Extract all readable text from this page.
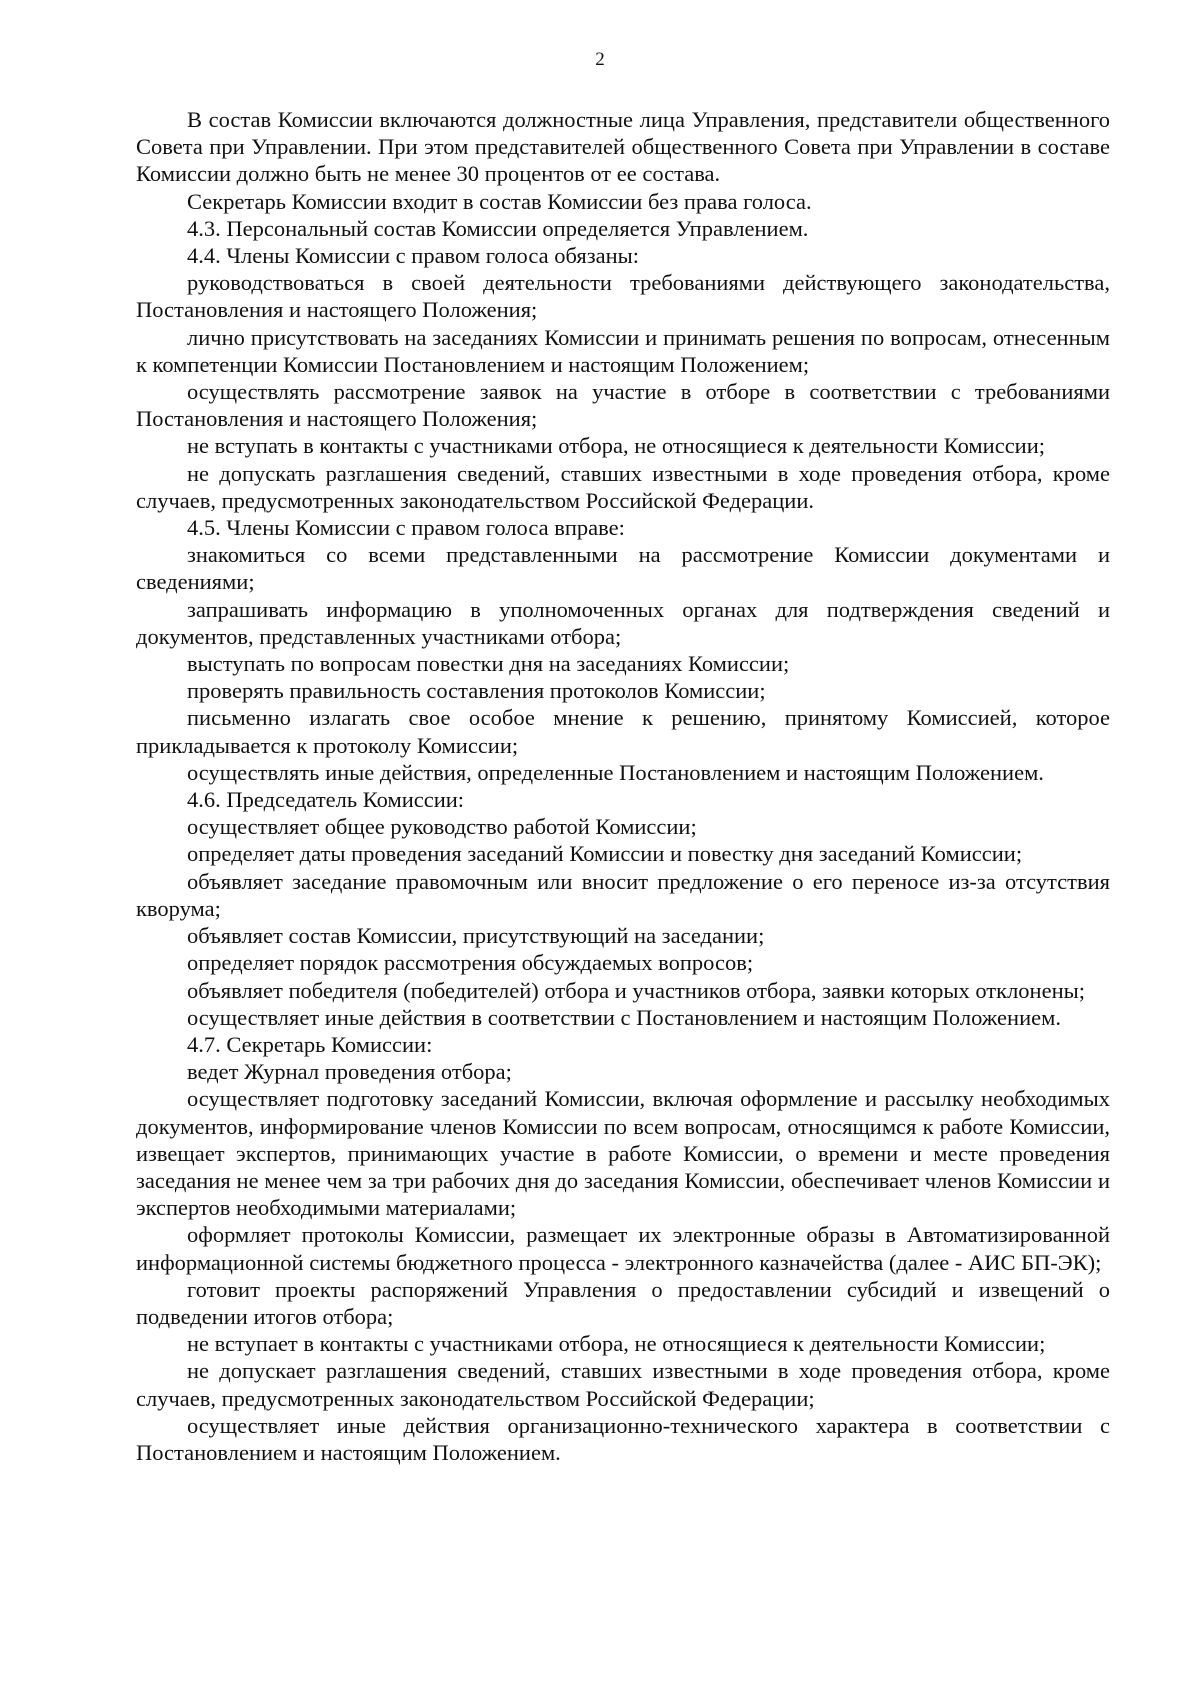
2

В состав Комиссии включаются должностные лица Управления, представители общественного Совета при Управлении. При этом представителей общественного Совета при Управлении в составе Комиссии должно быть не менее 30 процентов от ее состава.

Секретарь Комиссии входит в состав Комиссии без права голоса.

4.3. Персональный состав Комиссии определяется Управлением.

4.4. Члены Комиссии с правом голоса обязаны:

руководствоваться в своей деятельности требованиями действующего законодательства, Постановления и настоящего Положения;

лично присутствовать на заседаниях Комиссии и принимать решения по вопросам, отнесенным к компетенции Комиссии Постановлением и настоящим Положением;

осуществлять рассмотрение заявок на участие в отборе в соответствии с требованиями Постановления и настоящего Положения;

не вступать в контакты с участниками отбора, не относящиеся к деятельности Комиссии;

не допускать разглашения сведений, ставших известными в ходе проведения отбора, кроме случаев, предусмотренных законодательством Российской Федерации.

4.5. Члены Комиссии с правом голоса вправе:

знакомиться со всеми представленными на рассмотрение Комиссии документами и сведениями;

запрашивать информацию в уполномоченных органах для подтверждения сведений и документов, представленных участниками отбора;

выступать по вопросам повестки дня на заседаниях Комиссии;

проверять правильность составления протоколов Комиссии;

письменно излагать свое особое мнение к решению, принятому Комиссией, которое прикладывается к протоколу Комиссии;

осуществлять иные действия, определенные Постановлением и настоящим Положением.

4.6. Председатель Комиссии:

осуществляет общее руководство работой Комиссии;

определяет даты проведения заседаний Комиссии и повестку дня заседаний Комиссии;

объявляет заседание правомочным или вносит предложение о его переносе из-за отсутствия кворума;

объявляет состав Комиссии, присутствующий на заседании;

определяет порядок рассмотрения обсуждаемых вопросов;

объявляет победителя (победителей) отбора и участников отбора, заявки которых отклонены;

осуществляет иные действия в соответствии с Постановлением и настоящим Положением.

4.7. Секретарь Комиссии:

ведет Журнал проведения отбора;

осуществляет подготовку заседаний Комиссии, включая оформление и рассылку необходимых документов, информирование членов Комиссии по всем вопросам, относящимся к работе Комиссии, извещает экспертов, принимающих участие в работе Комиссии, о времени и месте проведения заседания не менее чем за три рабочих дня до заседания Комиссии, обеспечивает членов Комиссии и экспертов необходимыми материалами;

оформляет протоколы Комиссии, размещает их электронные образы в Автоматизированной информационной системы бюджетного процесса - электронного казначейства (далее - АИС БП-ЭК);

готовит проекты распоряжений Управления о предоставлении субсидий и извещений о подведении итогов отбора;

не вступает в контакты с участниками отбора, не относящиеся к деятельности Комиссии;

не допускает разглашения сведений, ставших известными в ходе проведения отбора, кроме случаев, предусмотренных законодательством Российской Федерации;

осуществляет иные действия организационно-технического характера в соответствии с Постановлением и настоящим Положением.
